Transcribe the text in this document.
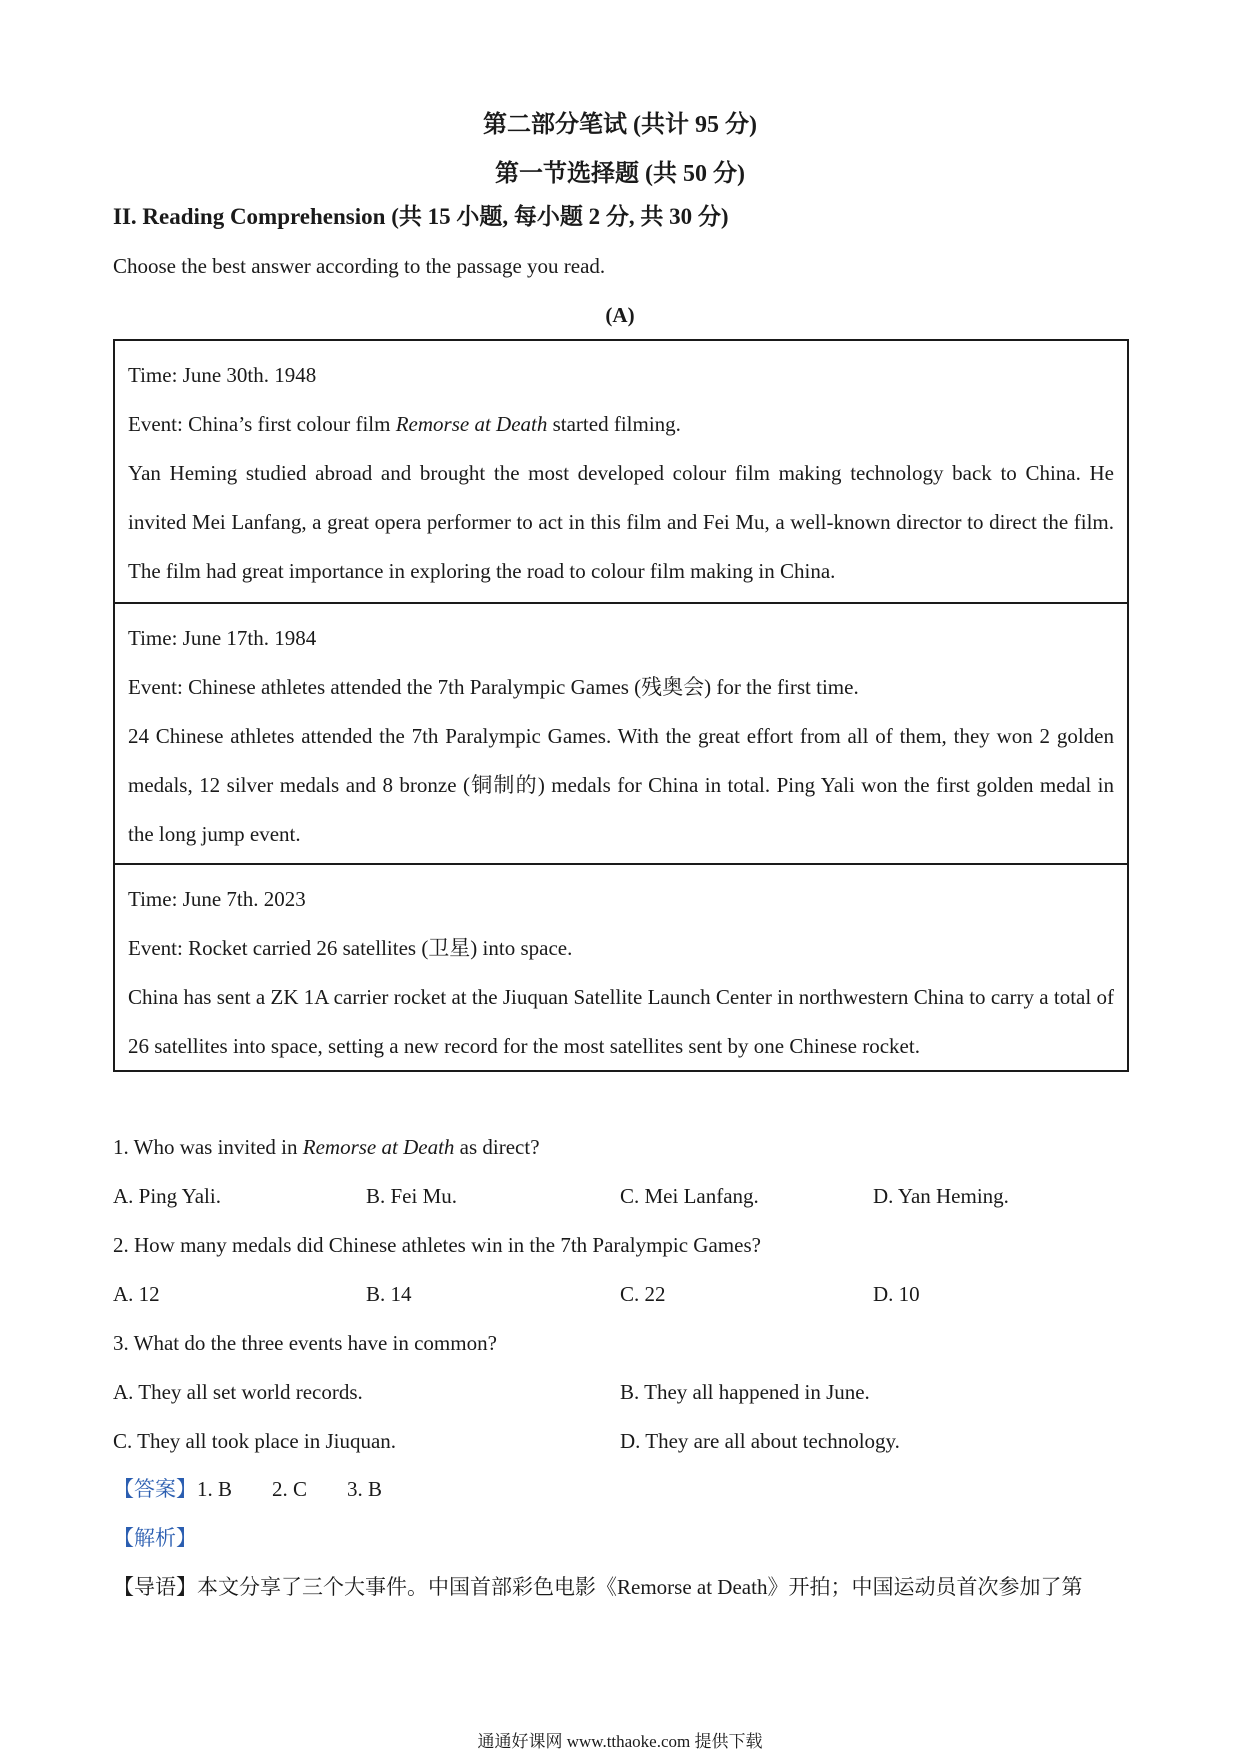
第二部分笔试 (共计 95 分)
第一节选择题 (共 50 分)
II. Reading Comprehension (共 15 小题, 每小题 2 分, 共 30 分)
Choose the best answer according to the passage you read.
(A)
Time: June 30th. 1948
Event: China’s first colour film Remorse at Death started filming.
Yan Heming studied abroad and brought the most developed colour film making technology back to China. He invited Mei Lanfang, a great opera performer to act in this film and Fei Mu, a well-known director to direct the film. The film had great importance in exploring the road to colour film making in China.
Time: June 17th. 1984
Event: Chinese athletes attended the 7th Paralympic Games (残奥会) for the first time.
24 Chinese athletes attended the 7th Paralympic Games. With the great effort from all of them, they won 2 golden medals, 12 silver medals and 8 bronze (铜制的) medals for China in total. Ping Yali won the first golden medal in the long jump event.
Time: June 7th. 2023
Event: Rocket carried 26 satellites (卫星) into space.
China has sent a ZK 1A carrier rocket at the Jiuquan Satellite Launch Center in northwestern China to carry a total of 26 satellites into space, setting a new record for the most satellites sent by one Chinese rocket.
1. Who was invited in Remorse at Death as direct?
A. Ping Yali.	B. Fei Mu.	C. Mei Lanfang.	D. Yan Heming.
2. How many medals did Chinese athletes win in the 7th Paralympic Games?
A. 12	B. 14	C. 22	D. 10
3. What do the three events have in common?
A. They all set world records.	B. They all happened in June.
C. They all took place in Jiuquan.	D. They are all about technology.
【答案】1. B 2. C 3. B
【解析】
【导语】本文分享了三个大事件。中国首部彩色电影《Remorse at Death》开拍；中国运动员首次参加了第
通通好课网 www.tthaoke.com 提供下载
